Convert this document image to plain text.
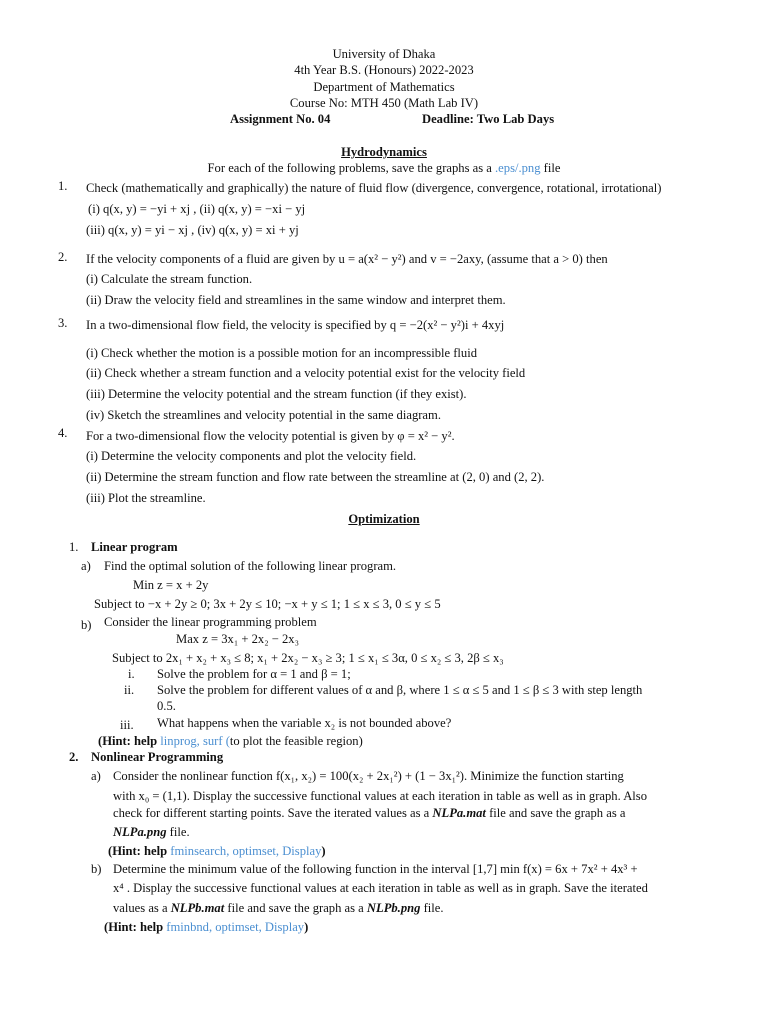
University of Dhaka
4th Year B.S. (Honours) 2022-2023
Department of Mathematics
Course No: MTH 450 (Math Lab IV)
Assignment No. 04	Deadline: Two Lab Days
Hydrodynamics
For each of the following problems, save the graphs as a .eps/.png file
1. Check (mathematically and graphically) the nature of fluid flow (divergence, convergence, rotational, irrotational)
(i) q(x, y) = −yi + xj , (ii) q(x, y) = −xi − yj
(iii) q(x, y) = yi − xj , (iv) q(x, y) = xi + yj
2. If the velocity components of a fluid are given by u = a(x² − y²) and v = −2axy, (assume that a > 0) then
(i) Calculate the stream function.
(ii) Draw the velocity field and streamlines in the same window and interpret them.
3. In a two-dimensional flow field, the velocity is specified by q = −2(x² − y²)i + 4xyj
(i) Check whether the motion is a possible motion for an incompressible fluid
(ii) Check whether a stream function and a velocity potential exist for the velocity field
(iii) Determine the velocity potential and the stream function (if they exist).
(iv) Sketch the streamlines and velocity potential in the same diagram.
4. For a two-dimensional flow the velocity potential is given by φ = x² − y².
(i) Determine the velocity components and plot the velocity field.
(ii) Determine the stream function and flow rate between the streamline at (2, 0) and (2, 2).
(iii) Plot the streamline.
Optimization
1. Linear program
a) Find the optimal solution of the following linear program.
Min z = x + 2y
Subject to −x + 2y ≥ 0; 3x + 2y ≤ 10; −x + y ≤ 1; 1 ≤ x ≤ 3, 0 ≤ y ≤ 5
b) Consider the linear programming problem
Max z = 3x₁ + 2x₂ − 2x₃
Subject to 2x₁ + x₂ + x₃ ≤ 8; x₁ + 2x₂ − x₃ ≥ 3; 1 ≤ x₁ ≤ 3α, 0 ≤ x₂ ≤ 3, 2β ≤ x₃
i. Solve the problem for α = 1 and β = 1;
ii. Solve the problem for different values of α and β, where 1 ≤ α ≤ 5 and 1 ≤ β ≤ 3 with step length
0.5.
iii. What happens when the variable x₂ is not bounded above?
(Hint: help linprog, surf (to plot the feasible region)
2. Nonlinear Programming
a) Consider the nonlinear function f(x₁, x₂) = 100(x₂ + 2x₁²) + (1 − 3x₁²). Minimize the function starting
with x₀ = (1,1). Display the successive functional values at each iteration in table as well as in graph. Also
check for different starting points. Save the iterated values as a NLPa.mat file and save the graph as a
NLPa.png file.
(Hint: help fminsearch, optimset, Display)
b) Determine the minimum value of the following function in the interval [1,7] min f(x) = 6x + 7x² + 4x³ +
x⁴ . Display the successive functional values at each iteration in table as well as in graph. Save the iterated
values as a NLPb.mat file and save the graph as a NLPb.png file.
(Hint: help fminbnd, optimset, Display)
